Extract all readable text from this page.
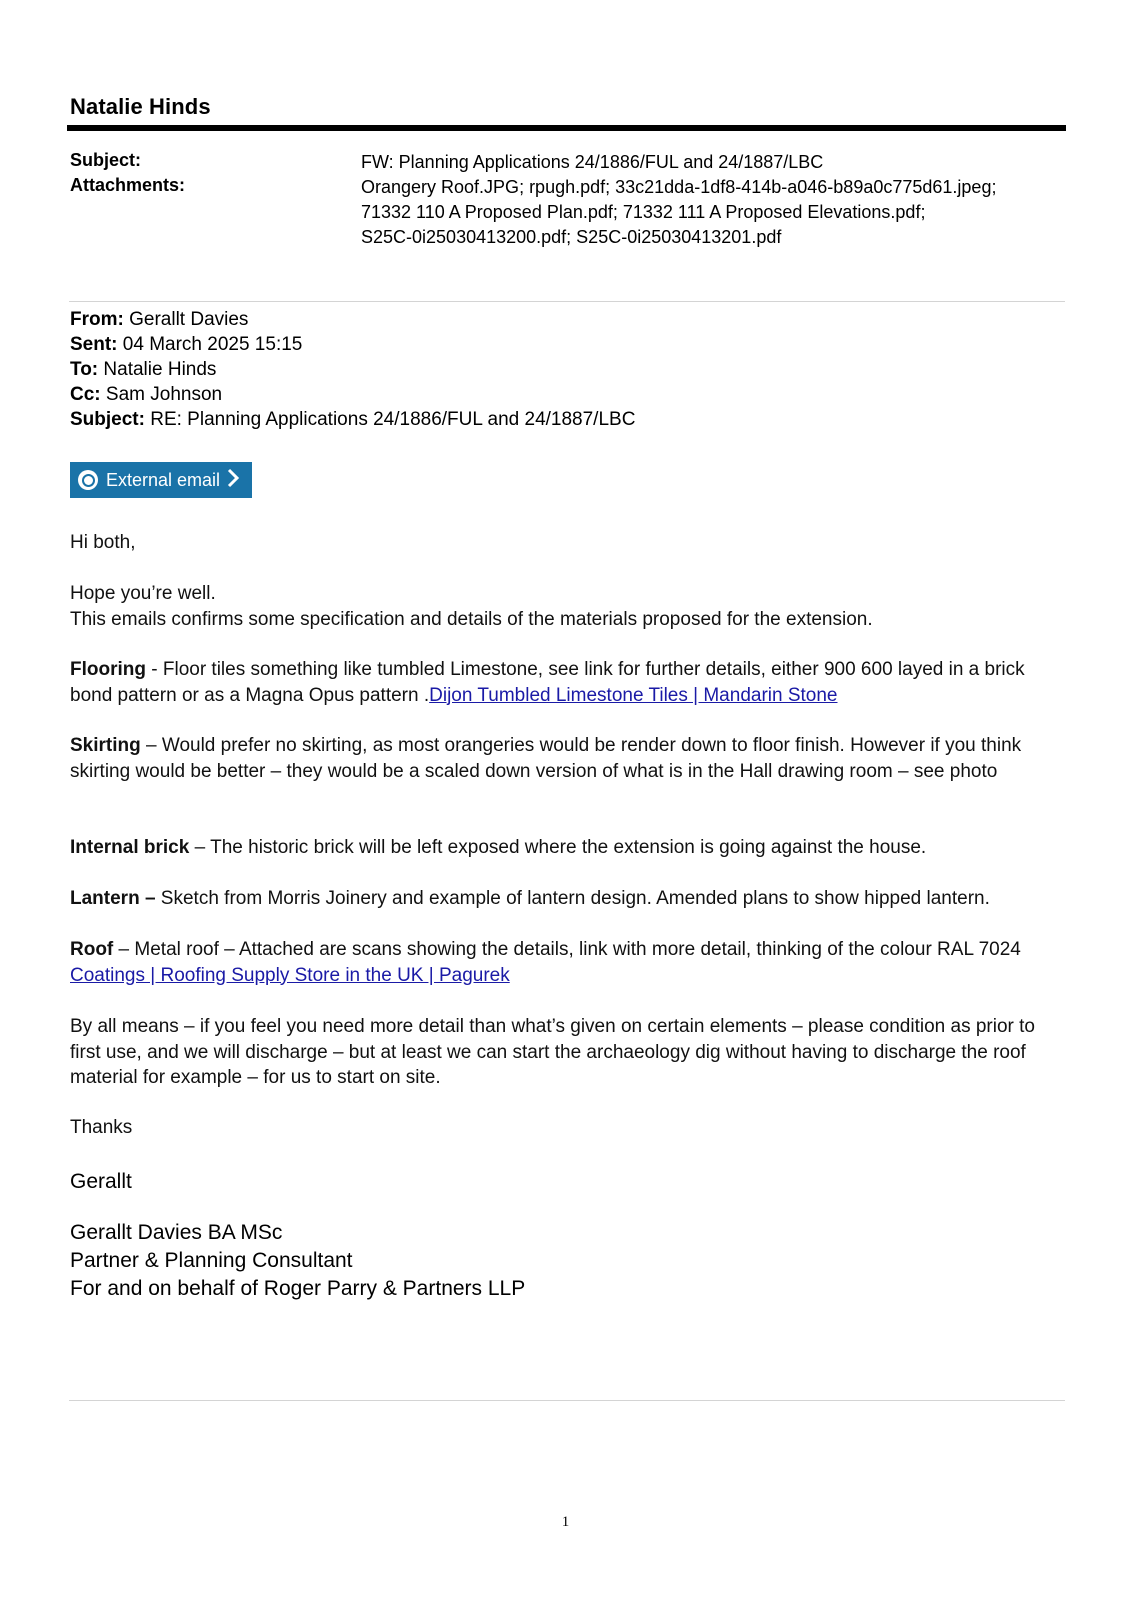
Natalie Hinds
Subject:	FW: Planning Applications 24/1886/FUL and 24/1887/LBC
Attachments:	Orangery Roof.JPG; rpugh.pdf; 33c21dda-1df8-414b-a046-b89a0c775d61.jpeg;
71332 110 A Proposed Plan.pdf; 71332 111 A Proposed Elevations.pdf;
S25C-0i25030413200.pdf; S25C-0i25030413201.pdf
From: Gerallt Davies
Sent: 04 March 2025 15:15
To: Natalie Hinds
Cc: Sam Johnson
Subject: RE: Planning Applications 24/1886/FUL and 24/1887/LBC
External email
Hi both,
Hope you’re well.
This emails confirms some specification and details of the materials proposed for the extension.
Flooring - Floor tiles something like tumbled Limestone, see link for further details, either 900 600 layed in a brick bond pattern or as a Magna Opus pattern .Dijon Tumbled Limestone Tiles | Mandarin Stone
Skirting – Would prefer no skirting, as most orangeries would be render down to floor finish. However if you think skirting would be better – they would be a scaled down version of what is in the Hall drawing room – see photo
Internal brick – The historic brick will be left exposed where the extension is going against the house.
Lantern – Sketch from Morris Joinery and example of lantern design. Amended plans to show hipped lantern.
Roof – Metal roof – Attached are scans showing the details, link with more detail, thinking of the colour RAL 7024 Coatings | Roofing Supply Store in the UK | Pagurek
By all means – if you feel you need more detail than what’s given on certain elements – please condition as prior to first use, and we will discharge – but at least we can start the archaeology dig without having to discharge the roof material for example – for us to start on site.
Thanks
Gerallt
Gerallt Davies BA MSc
Partner & Planning Consultant
For and on behalf of Roger Parry & Partners LLP
1
